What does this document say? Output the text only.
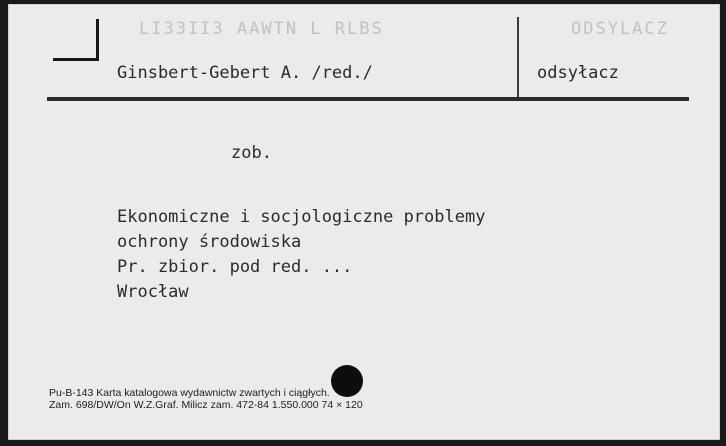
LI33II3 AAWTN L RLBS	ODSYLACZ
Ginsbert-Gebert A. /red./	odsyłacz
zob.
Ekonomiczne i socjologiczne problemy
ochrony środowiska
Pr. zbior. pod red. ...
Wrocław
Pu-B-143 Karta katalogowa wydawnictw zwartych i ciągłych.
Zam. 698/DW/On W.Z.Graf. Milicz zam. 472-84 1.550.000 74 × 120
